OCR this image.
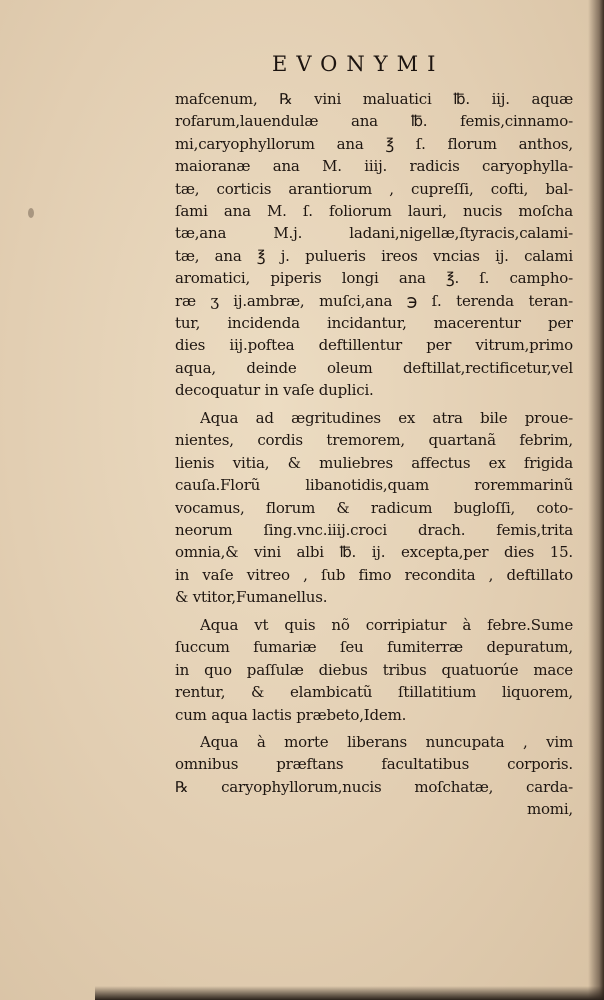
EVONYMI
mafcenum, ℞ vini maluatici ℔. iij. aquæ
rofarum,lauendulæ ana ℔. femis,cinnamo-
mi,caryophyllorum ana ℥ ſ. florum anthos,
maioranæ ana M. iiij. radicis caryophylla-
tæ, corticis arantiorum , cupreſſi, cofti, bal-
ſami ana M. ſ. foliorum lauri, nucis moſcha
tæ,ana M.j. ladani,nigellæ,ſtyracis,calami-
tæ, ana ℥ j. pulueris ireos vncias ij. calami
aromatici, piperis longi ana ℥. ſ. campho-
ræ ʒ ij.ambræ, muſci,ana ℈ ſ. terenda teran-
tur, incidenda incidantur, macerentur per
dies iij.poftea deftillentur per vitrum,primo
aqua, deinde oleum deftillat,rectificetur,vel
decoquatur in vaſe duplici.
Aqua ad ægritudines ex atra bile proue-
nientes, cordis tremorem, quartanã febrim,
lienis vitia, & muliebres affectus ex frigida
cauſa.Florũ libanotidis,quam roremmarinũ
vocamus, florum & radicum bugloſſi, coto-
neorum ſing.vnc.iiij.croci drach. femis,trita
omnia,& vini albi ℔. ij. excepta,per dies 15.
in vaſe vitreo , ſub fimo recondita , deftillato
& vtitor,Fumanellus.
Aqua vt quis nõ corripiatur à febre.Sume
ſuccum fumariæ ſeu fumiterræ depuratum,
in quo paſſulæ diebus tribus quatuorúe mace
rentur, & elambicatũ ſtillatitium liquorem,
cum aqua lactis præbeto,Idem.
Aqua à morte liberans nuncupata , vim
omnibus præftans facultatibus corporis.
℞ caryophyllorum,nucis moſchatæ, carda-
momi,
